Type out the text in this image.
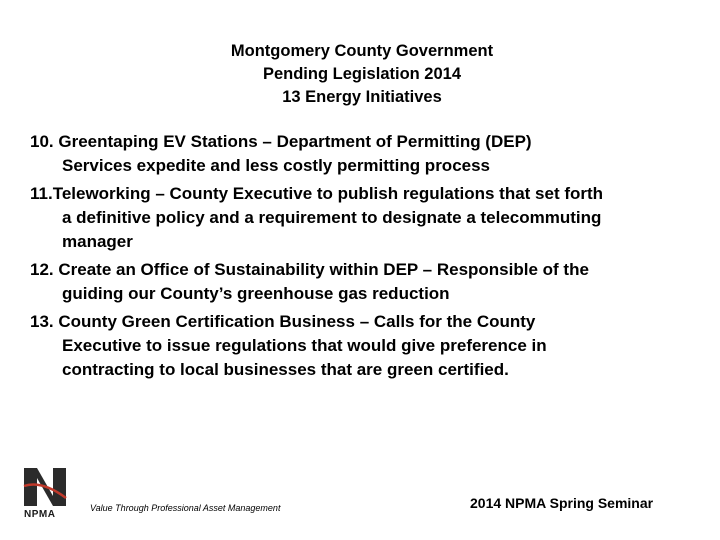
Montgomery County Government
Pending Legislation 2014
13 Energy Initiatives
10. Greentaping EV Stations – Department of Permitting (DEP)
Services expedite and less costly permitting process
11.Teleworking – County Executive to publish regulations that set forth
a definitive policy and a requirement to designate a telecommuting
manager
12. Create an Office of Sustainability within DEP – Responsible of the
guiding our County’s greenhouse gas reduction
13. County Green Certification Business – Calls for the County
Executive to issue regulations that would give preference in
contracting to local businesses that are green certified.
NPMA
Value Through Professional Asset Management	2014 NPMA Spring Seminar
